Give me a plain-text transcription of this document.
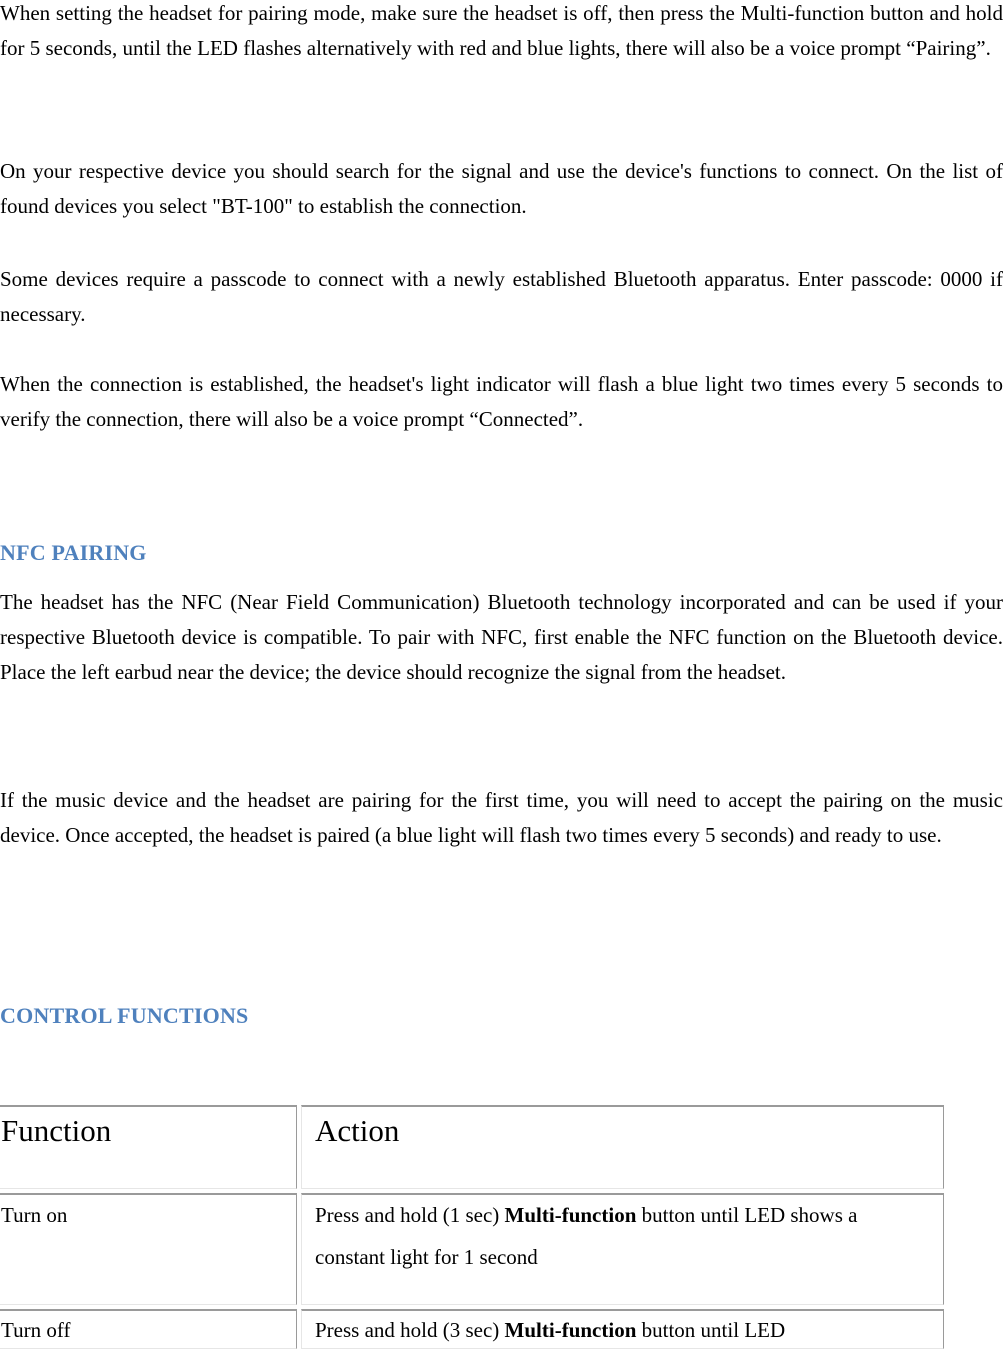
When setting the headset for pairing mode, make sure the headset is off, then press the Multi-function button and hold for 5 seconds, until the LED flashes alternatively with red and blue lights, there will also be a voice prompt “Pairing”.

On your respective device you should search for the signal and use the device's functions to connect. On the list of found devices you select "BT-100" to establish the connection.

Some devices require a passcode to connect with a newly established Bluetooth apparatus. Enter passcode: 0000 if necessary.

When the connection is established, the headset's light indicator will flash a blue light two times every 5 seconds to verify the connection, there will also be a voice prompt “Connected”.

NFC PAIRING

The headset has the NFC (Near Field Communication) Bluetooth technology incorporated and can be used if your respective Bluetooth device is compatible. To pair with NFC, first enable the NFC function on the Bluetooth device. Place the left earbud near the device; the device should recognize the signal from the headset.

If the music device and the headset are pairing for the first time, you will need to accept the pairing on the music device. Once accepted, the headset is paired (a blue light will flash two times every 5 seconds) and ready to use.

CONTROL FUNCTIONS
Function	Action
Turn on	Press and hold (1 sec) Multi-function button until LED shows a constant light for 1 second
Turn off	Press and hold (3 sec) Multi-function button until LED
